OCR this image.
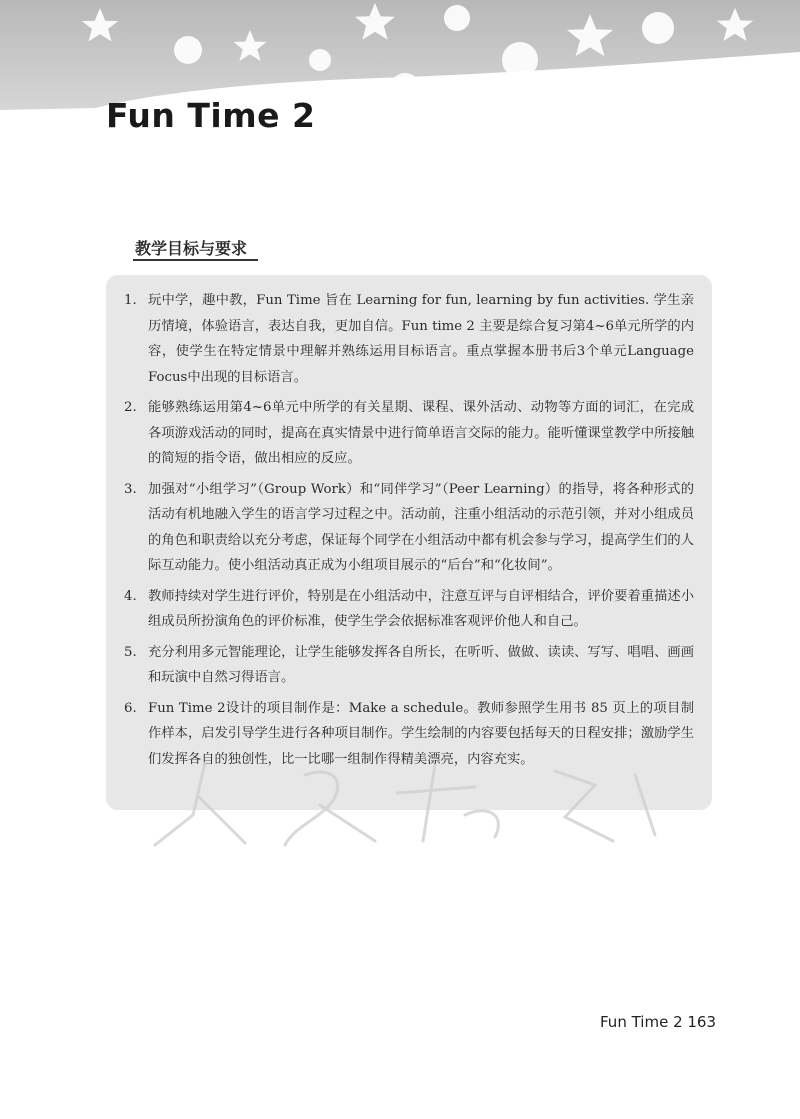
Fun Time 2
教学目标与要求
1. 玩中学，趣中教，Fun Time 旨在 Learning for fun, learning by fun activities. 学生亲历情境，体验语言，表达自我，更加自信。Fun time 2 主要是综合复习第4~6单元所学的内容，使学生在特定情景中理解并熟练运用目标语言。重点掌握本册书后3个单元Language Focus中出现的目标语言。
2. 能够熟练运用第4~6单元中所学的有关星期、课程、课外活动、动物等方面的词汇，在完成各项游戏活动的同时，提高在真实情景中进行简单语言交际的能力。能听懂课堂教学中所接触的简短的指令语，做出相应的反应。
3. 加强对“小组学习”（Group Work）和“同伴学习”（Peer Learning）的指导，将各种形式的活动有机地融入学生的语言学习过程之中。活动前，注重小组活动的示范引领，并对小组成员的角色和职责给以充分考虑，保证每个同学在小组活动中都有机会参与学习，提高学生们的人际互动能力。使小组活动真正成为小组项目展示的“后台”和“化妆间”。
4. 教师持续对学生进行评价，特别是在小组活动中，注意互评与自评相结合，评价要着重描述小组成员所扮演角色的评价标准，使学生学会依据标准客观评价他人和自己。
5. 充分利用多元智能理论，让学生能够发挥各自所长，在听听、做做、读读、写写、唱唱、画画和玩演中自然习得语言。
6. Fun Time 2设计的项目制作是：Make a schedule。教师参照学生用书 85 页上的项目制作样本，启发引导学生进行各种项目制作。学生绘制的内容要包括每天的日程安排；激励学生们发挥各自的独创性，比一比哪一组制作得精美漂亮，内容充实。

Fun Time 2 163
